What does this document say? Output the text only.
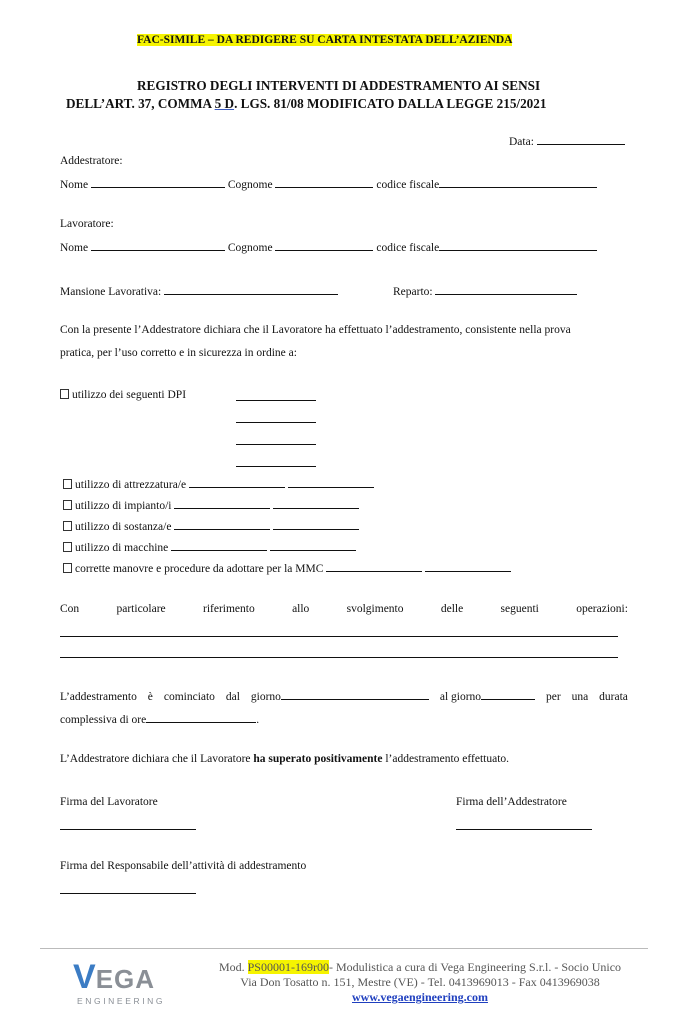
FAC-SIMILE – DA REDIGERE SU CARTA INTESTATA DELL’AZIENDA
REGISTRO DEGLI INTERVENTI DI ADDESTRAMENTO AI SENSI
DELL’ART. 37, COMMA 5 D. LGS. 81/08 MODIFICATO DALLA LEGGE 215/2021
Data:
Addestratore:
Nome	Cognome	codice fiscale
Lavoratore:
Nome	Cognome	codice fiscale
Mansione Lavorativa:	Reparto:
Con la presente l’Addestratore dichiara che il Lavoratore ha effettuato l’addestramento, consistente nella prova
pratica, per l’uso corretto e in sicurezza in ordine a:
utilizzo dei seguenti DPI
utilizzo di attrezzatura/e
utilizzo di impianto/i
utilizzo di sostanza/e
utilizzo di macchine
corrette manovre e procedure da adottare per la MMC
Con	particolare	riferimento	allo	svolgimento	delle	seguenti	operazioni:
L’addestramento è cominciato dal giorno	al giorno	per una durata
complessiva di ore	.
L’Addestratore dichiara che il Lavoratore ha superato positivamente l’addestramento effettuato.
Firma del Lavoratore	Firma dell’Addestratore
Firma del Responsabile dell’attività di addestramento
VEGA
ENGINEERING
Mod. PS00001-169r00- Modulistica a cura di Vega Engineering S.r.l. - Socio Unico
Via Don Tosatto n. 151, Mestre (VE) - Tel. 0413969013 - Fax 0413969038
www.vegaengineering.com
